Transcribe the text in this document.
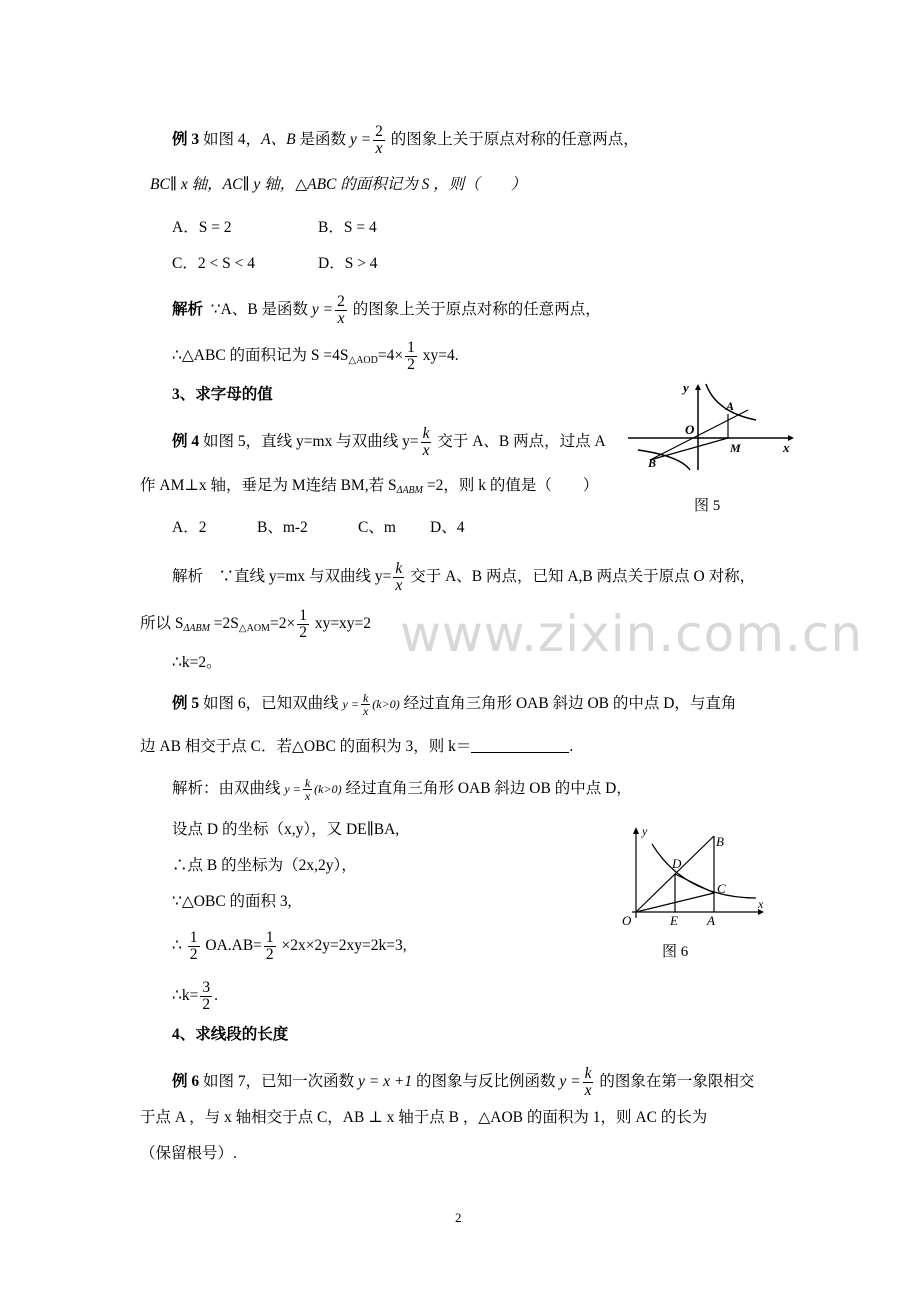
www.zixin.com.cn
例 3 如图 4，A、B 是函数 $y = \frac{2}{x}$ 的图象上关于原点对称的任意两点，
BC∥ x 轴，AC∥ y 轴，△ABC 的面积记为 S ，则（　　）
A．S = 2	B．S = 4
C．2 < S < 4	D．S > 4
解析 ∵A、B 是函数 $y = \frac{2}{x}$ 的图象上关于原点对称的任意两点，
∴△ABC 的面积记为 $S =4S_{\triangle AOD}=4\times \frac{1}{2} xy=4$.
3、求字母的值
例 4 如图 5，直线 y=mx 与双曲线 $y= \frac{k}{x}$ 交于 A、B 两点，过点 A
作 AM⊥x 轴，垂足为 M连结 BM,若 $S_{\Delta ABM} =2$，则 k 的值是（　　）
A．2	B、m-2	C、m D、4
解析　∵直线 y=mx 与双曲线 $y= \frac{k}{x}$ 交于 A、B 两点，已知 A,B 两点关于原点 O 对称，
所以 $S_{\Delta ABM} =2S_{\triangle AOM}=2\times \frac{1}{2} xy=xy=2$
∴k=2。
y
x
O
A
B
M
图 5
例 5 如图 6，已知双曲线 $y = \frac{k}{x} (k>0)$ 经过直角三角形 OAB 斜边 OB 的中点 D，与直角
边 AB 相交于点 C．若△OBC 的面积为 3，则 k＝	.
解析：由双曲线 $y = \frac{k}{x} (k>0)$ 经过直角三角形 OAB 斜边 OB 的中点 D，
设点 D 的坐标（x,y），又 DE∥BA,
∴点 B 的坐标为（2x,2y），
∵△OBC 的面积 3,
∴ $\frac{1}{2} OA.AB= \frac{1}{2} \times 2x\times 2y=2xy=2k=3$,
∴k= $\frac{3}{2}$ .
y
x
O	E A
B
C
D
图 6
4、求线段的长度
例 6 如图 7，已知一次函数 y = x +1 的图象与反比例函数 $y = \frac{k}{x}$ 的图象在第一象限相交
于点 A ，与 x 轴相交于点 C，AB ⊥ x 轴于点 B ，△AOB 的面积为 1，则 AC 的长为
（保留根号）.
2
